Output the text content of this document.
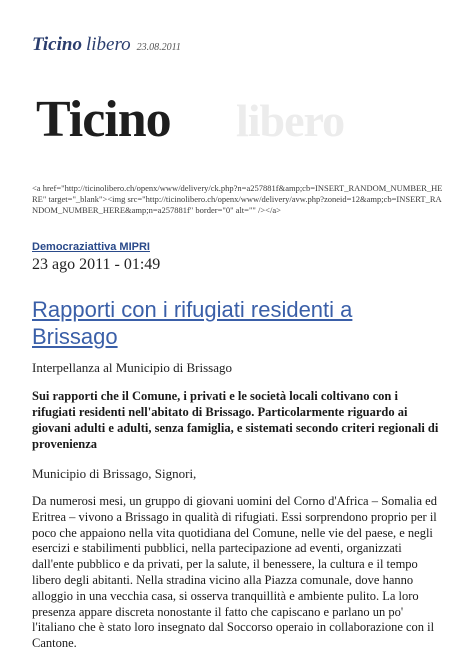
Ticino libero 23.08.2011
Ticino libero
<a href="http://ticinolibero.ch/openx/www/delivery/ck.php?n=a257881f&amp;cb=INSERT_RANDOM_NUMBER_HERE" target="_blank"><img src="http://ticinolibero.ch/openx/www/delivery/avw.php?zoneid=12&amp;cb=INSERT_RANDOM_NUMBER_HERE&amp;n=a257881f" border="0" alt="" /></a>
Democraziattiva MIPRI
23 ago 2011 - 01:49
Rapporti con i rifugiati residenti a Brissago
Interpellanza al Municipio di Brissago
Sui rapporti che il Comune, i privati e le società locali coltivano con i rifugiati residenti nell'abitato di Brissago. Particolarmente riguardo ai giovani adulti e adulti, senza famiglia, e sistemati secondo criteri regionali di provenienza
Municipio di Brissago, Signori,
Da numerosi mesi, un gruppo di giovani uomini del Corno d'Africa – Somalia ed Eritrea – vivono a Brissago in qualità di rifugiati. Essi sorprendono proprio per il poco che appaiono nella vita quotidiana del Comune, nelle vie del paese, e negli esercizi e stabilimenti pubblici, nella partecipazione ad eventi, organizzati dall'ente pubblico e da privati, per la salute, il benessere, la cultura e il tempo libero degli abitanti. Nella stradina vicino alla Piazza comunale, dove hanno alloggio in una vecchia casa, si osserva tranquillità e ambiente pulito. La loro presenza appare discreta nonostante il fatto che capiscano e parlano un po' l'italiano che è stato loro insegnato dal Soccorso operaio in collaborazione con il Cantone.
